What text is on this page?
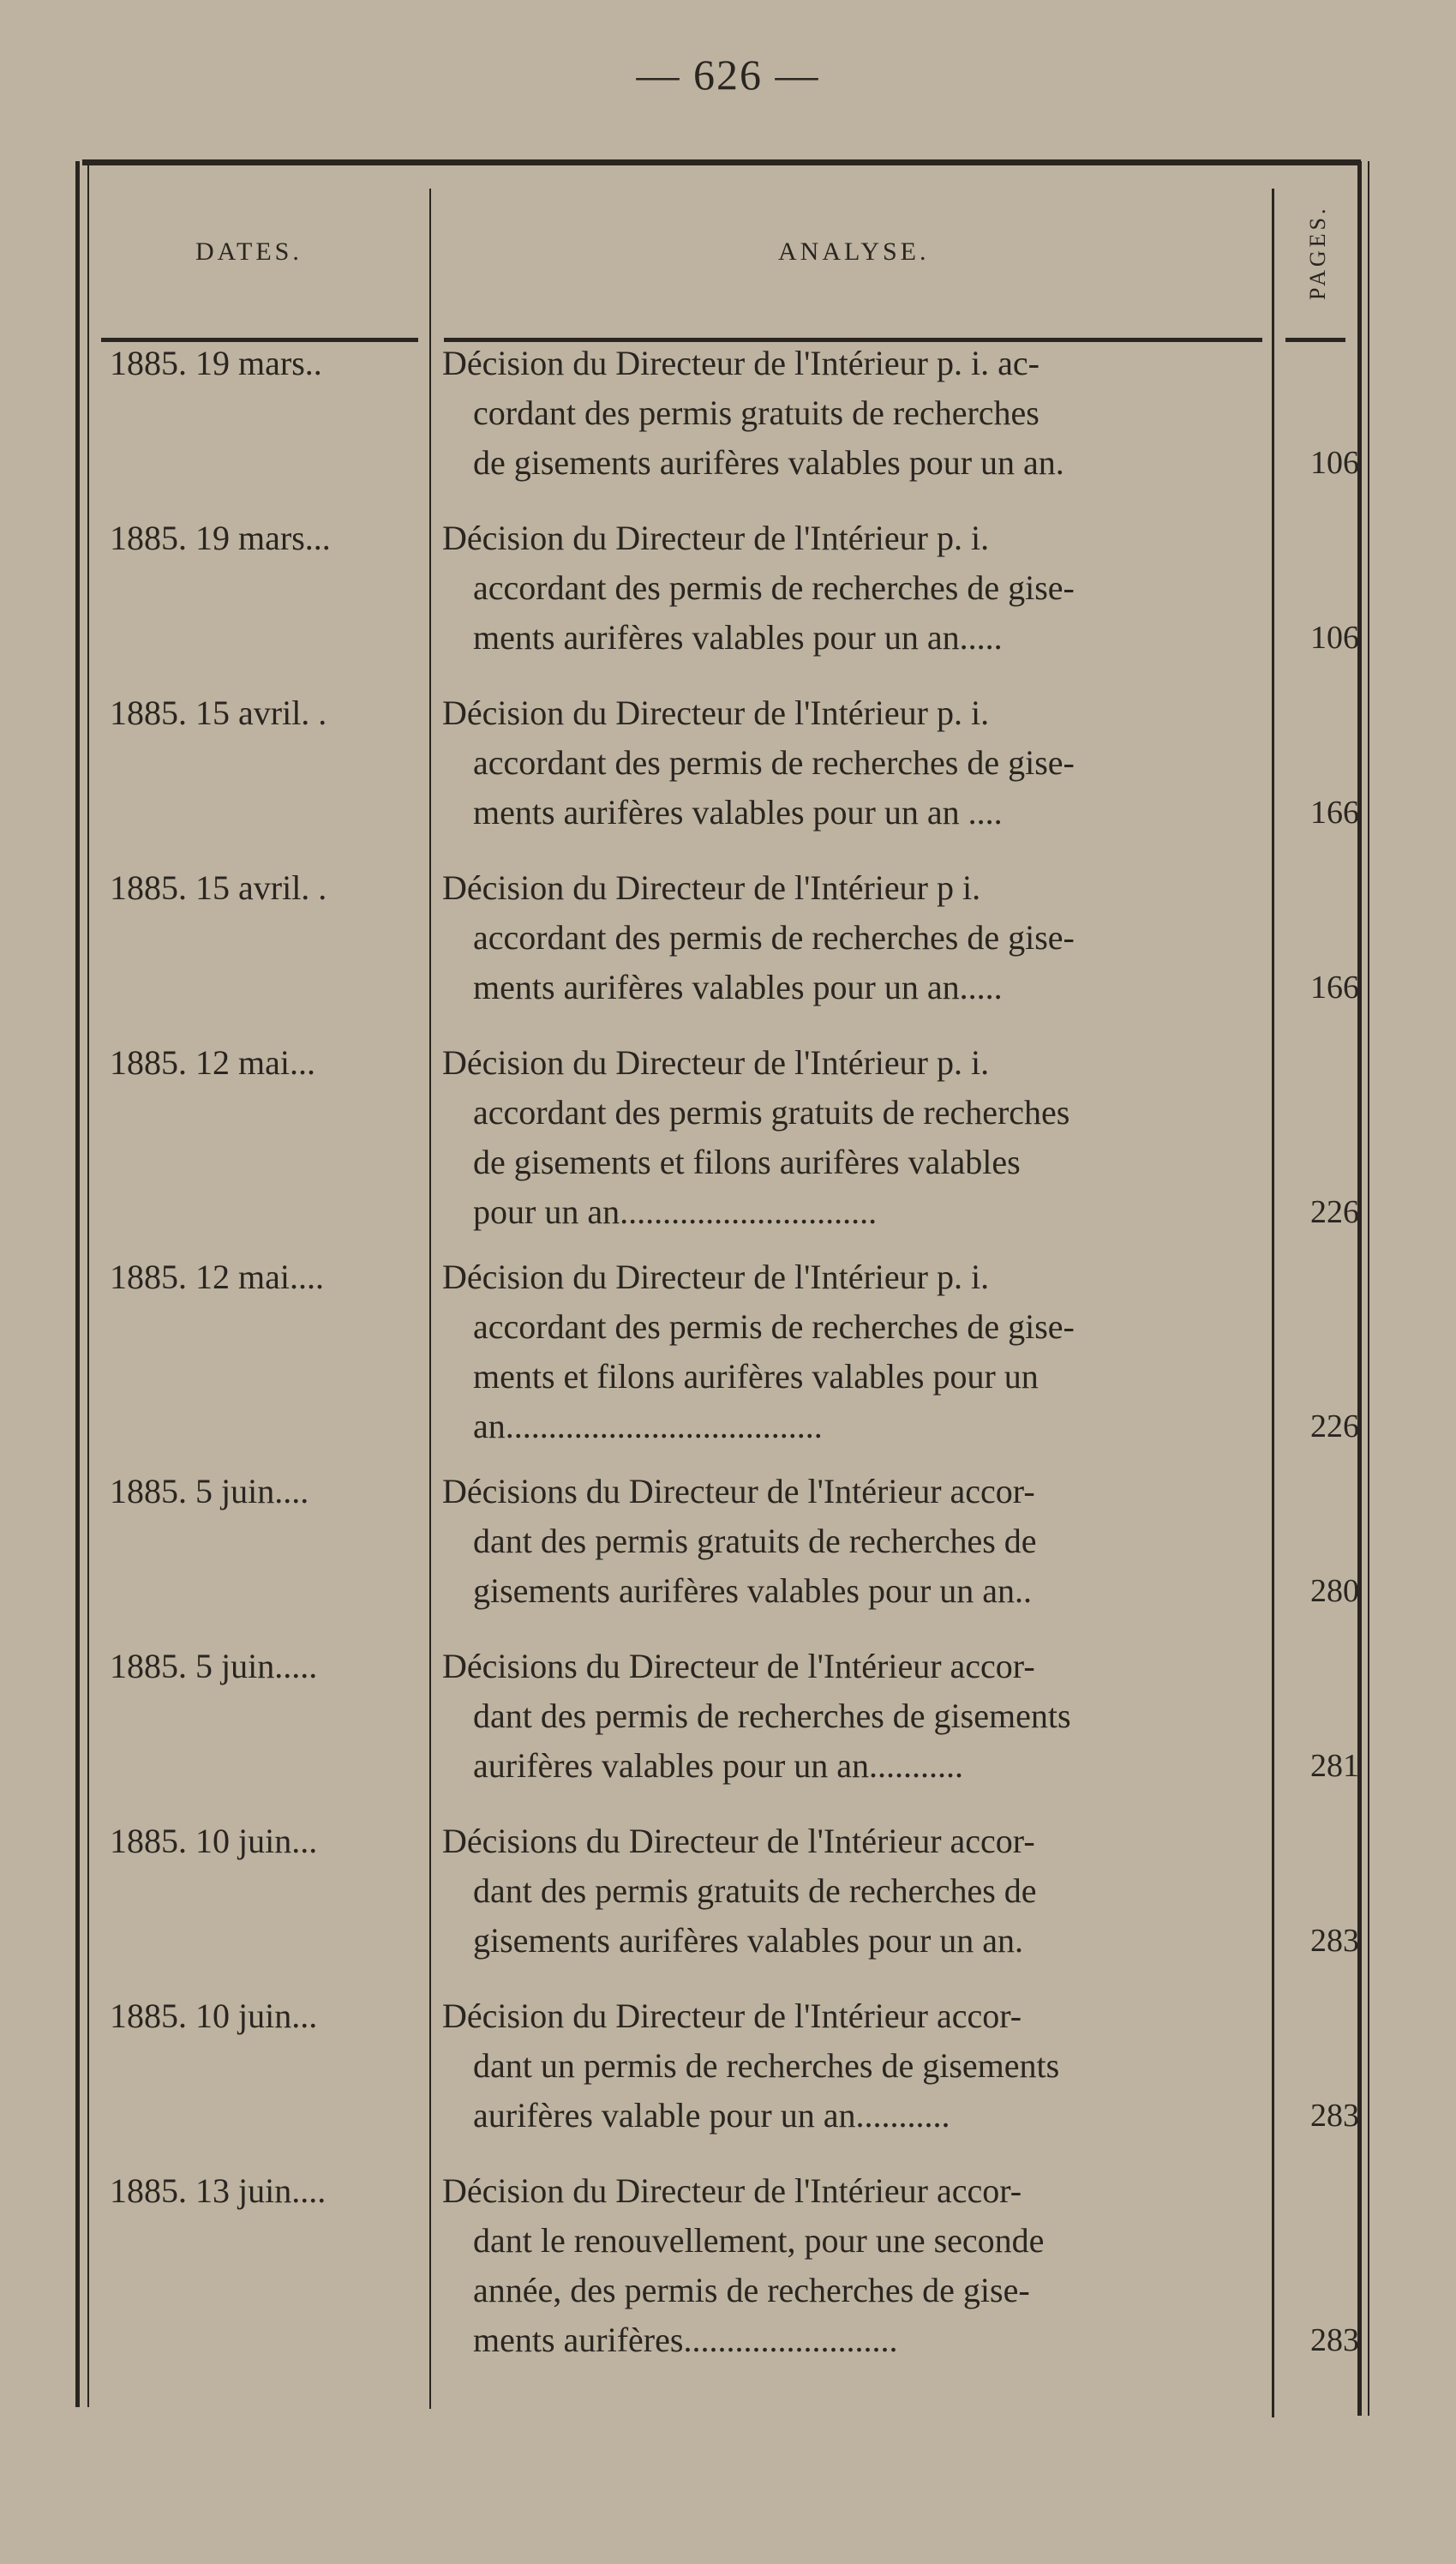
— 626 —
DATES.	ANALYSE.	PAGES.
1885. 19 mars..	Décision du Directeur de l'Intérieur p. i. ac-
cordant des permis gratuits de recherches
de gisements aurifères valables pour un an.	106
1885. 19 mars...	Décision du Directeur de l'Intérieur p. i.
accordant des permis de recherches de gise-
ments aurifères valables pour un an.....	106
1885. 15 avril. .	Décision du Directeur de l'Intérieur p. i.
accordant des permis de recherches de gise-
ments aurifères valables pour un an ....	166
1885. 15 avril. .	Décision du Directeur de l'Intérieur p i.
accordant des permis de recherches de gise-
ments aurifères valables pour un an.....	166
1885. 12 mai...	Décision du Directeur de l'Intérieur p. i.
accordant des permis gratuits de recherches
de gisements et filons aurifères valables
pour un an..............................	226
1885. 12 mai....	Décision du Directeur de l'Intérieur p. i.
accordant des permis de recherches de gise-
ments et filons aurifères valables pour un
an.....................................	226
1885. 5 juin....	Décisions du Directeur de l'Intérieur accor-
dant des permis gratuits de recherches de
gisements aurifères valables pour un an..	280
1885. 5 juin.....	Décisions du Directeur de l'Intérieur accor-
dant des permis de recherches de gisements
aurifères valables pour un an...........	281
1885. 10 juin...	Décisions du Directeur de l'Intérieur accor-
dant des permis gratuits de recherches de
gisements aurifères valables pour un an.	283
1885. 10 juin...	Décision du Directeur de l'Intérieur accor-
dant un permis de recherches de gisements
aurifères valable pour un an...........	283
1885. 13 juin....	Décision du Directeur de l'Intérieur accor-
dant le renouvellement, pour une seconde
année, des permis de recherches de gise-
ments aurifères.........................	283
